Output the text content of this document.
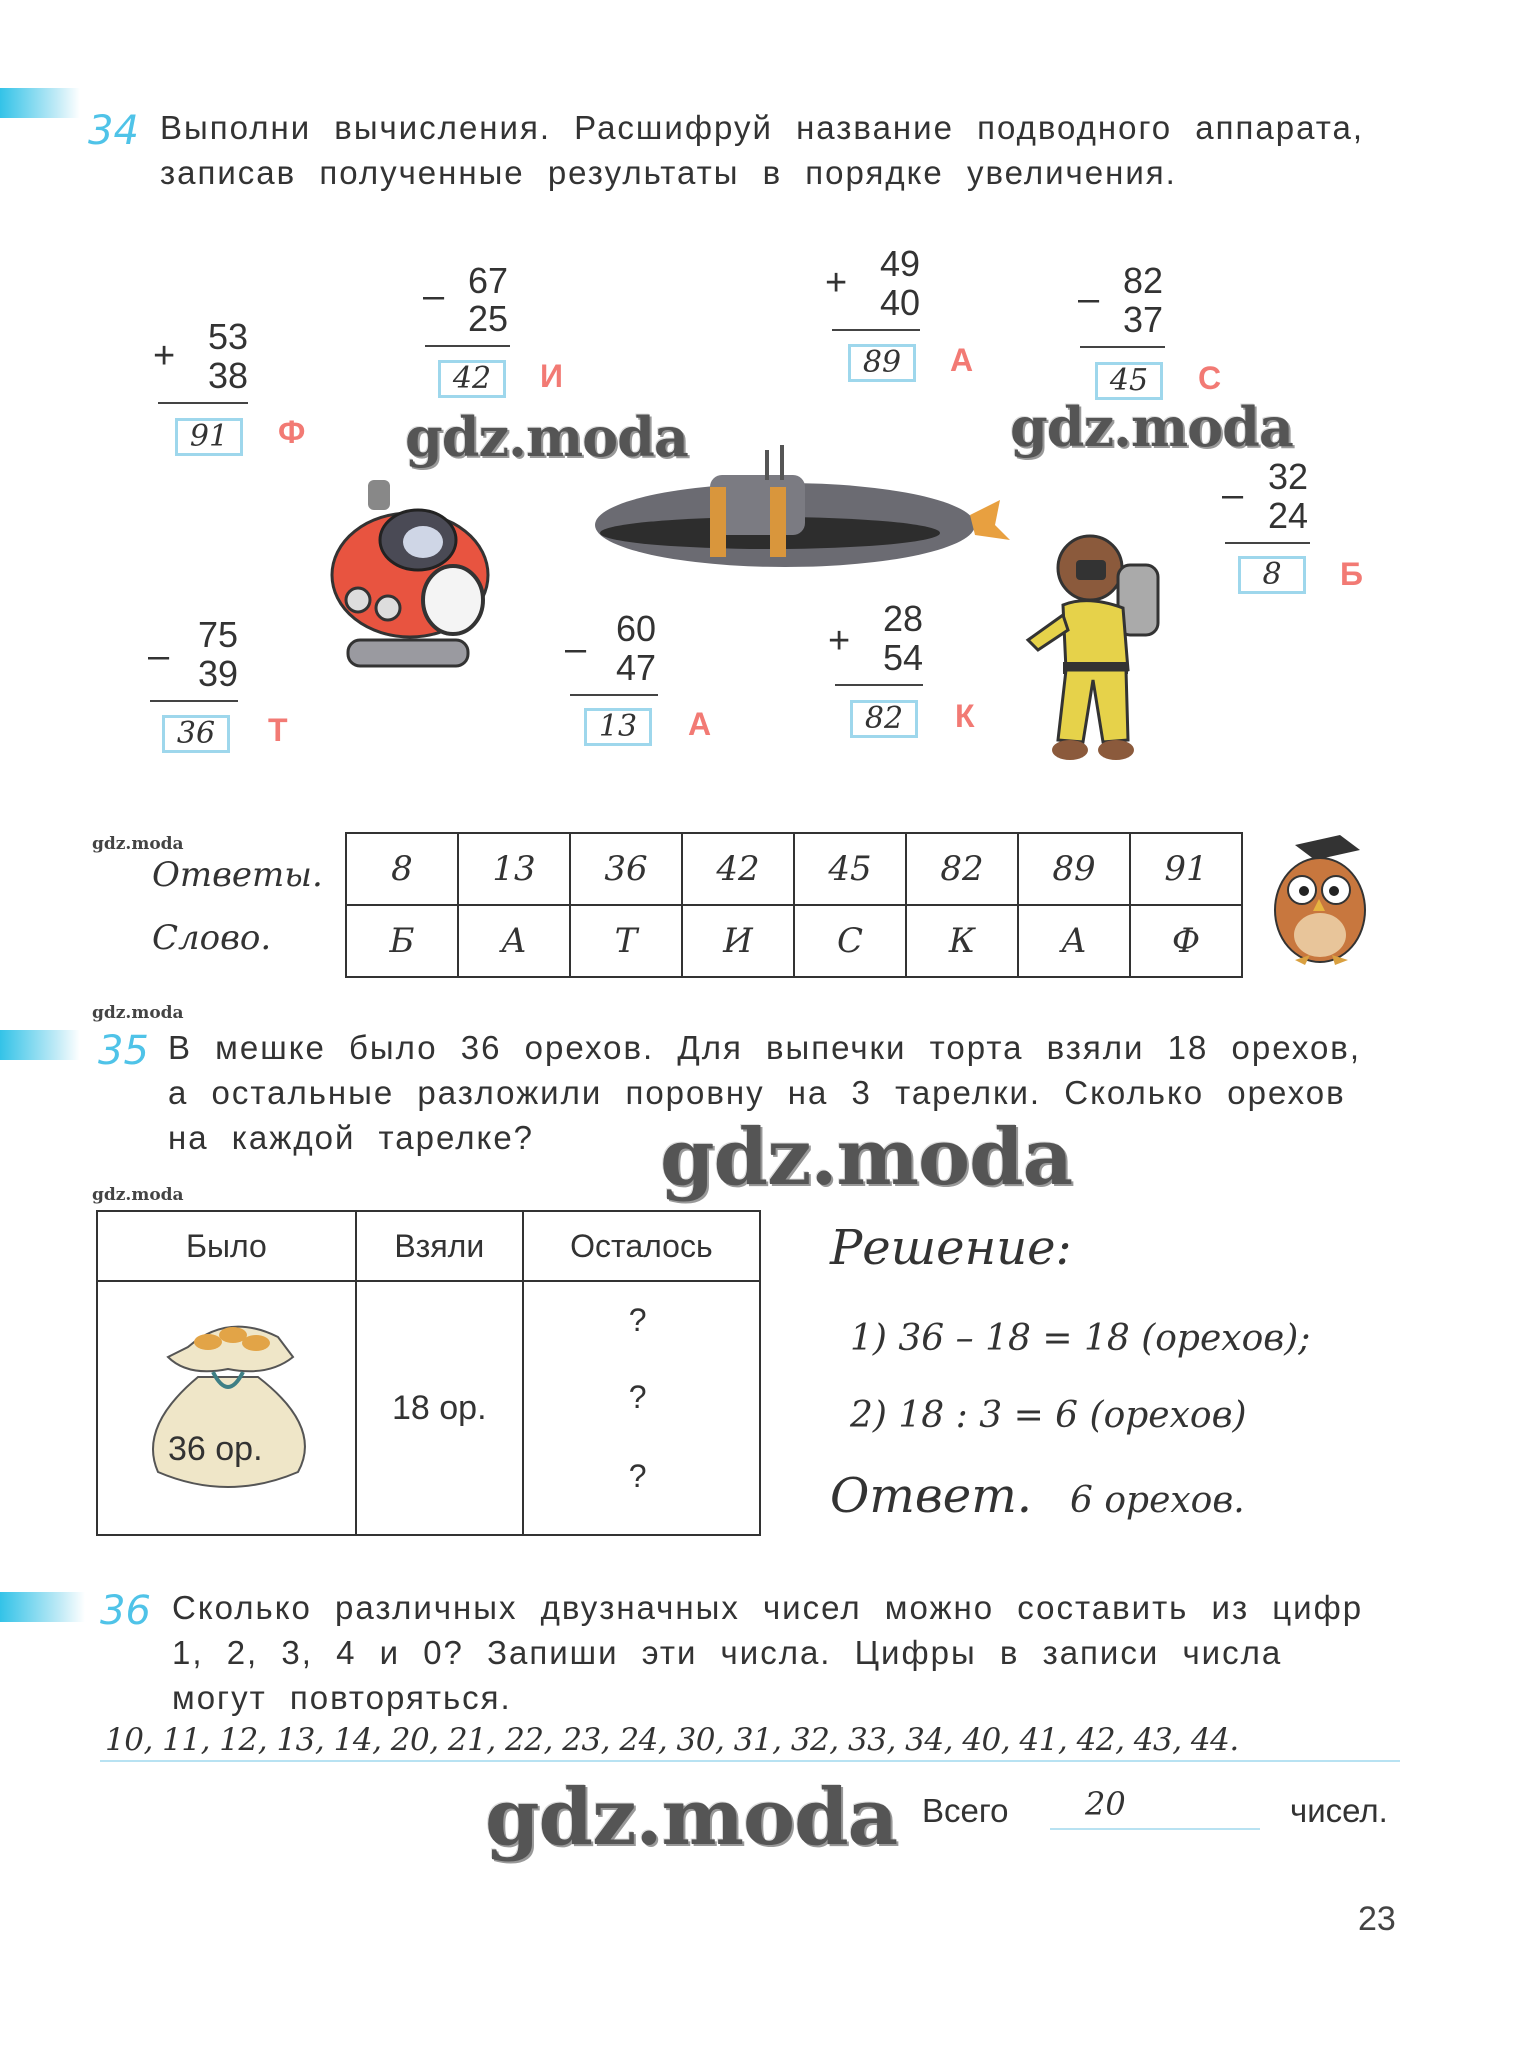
34 Выполни вычисления. Расшифруй название подводного аппарата,
записав полученные результаты в порядке увеличения.
+ 53
38
91	Ф
– 67
25
42	И
+ 49
40
89	А
– 82
37
45	С
– 32
24
8	Б
–
75
39
36	Т
– 60
47
13	А
+
28
54
82	К
gdz.moda	gdz.moda
gdz.moda
Ответы.
Слово.
8	13	36	42	45	82	89	91
Б	А	Т	И	С	К	А	Ф
gdz.moda
35 В мешке было 36 орехов. Для выпечки торта взяли 18 орехов,
а остальные разложили поровну на 3 тарелки. Сколько орехов
на каждой тарелке? gdz.moda
gdz.moda
Было	Взяли	Осталось

36 ор.	18 ор.	?
?
?
Решение:
1) 36 – 18 = 18 (орехов);
2) 18 : 3 = 6 (орехов)
Ответ. 6 орехов.
36 Сколько различных двузначных чисел можно составить из цифр
1, 2, 3, 4 и 0? Запиши эти числа. Цифры в записи числа
могут повторяться.
10, 11, 12, 13, 14, 20, 21, 22, 23, 24, 30, 31, 32, 33, 34, 40, 41, 42, 43, 44.
gdz.moda Всего 20	чисел.
23
